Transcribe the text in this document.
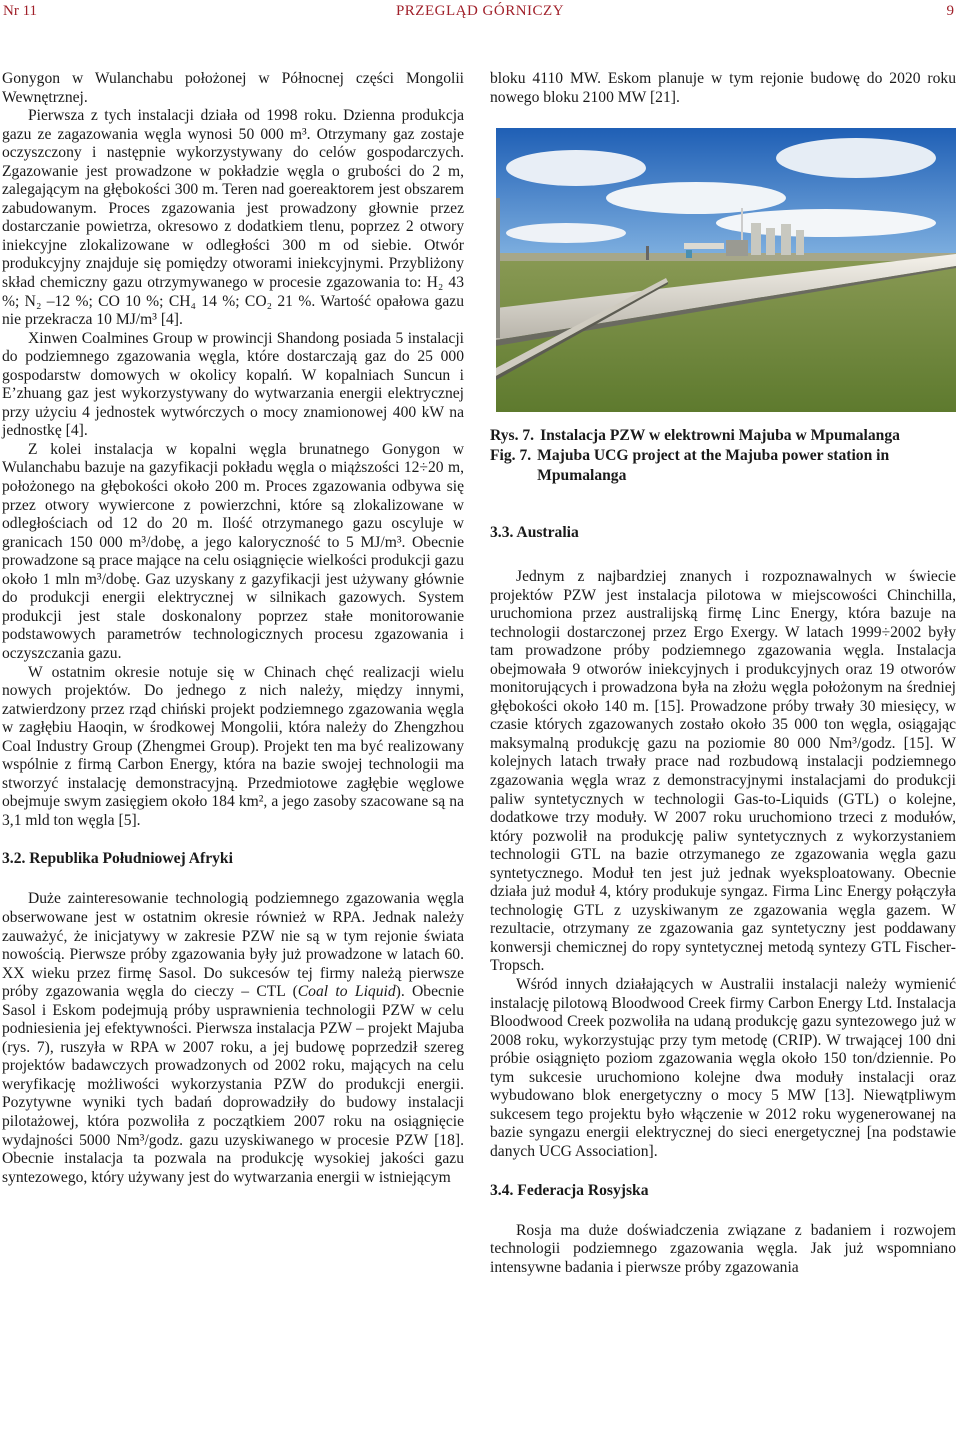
Nr 11	PRZEGLĄD GÓRNICZY	9

Gonygon w Wulanchabu położonej w Północnej części Mongolii Wewnętrznej.

Pierwsza z tych instalacji działa od 1998 roku. Dzienna produkcja gazu ze zagazowania węgla wynosi 50 000 m³. Otrzymany gaz zostaje oczyszczony i następnie wykorzystywany do celów gospodarczych. Zgazowanie jest prowadzone w pokładzie węgla o grubości do 2 m, zalegającym na głębokości 300 m. Teren nad goereaktorem jest obszarem zabudowanym. Proces zgazowania jest prowadzony głownie przez dostarczanie powietrza, okresowo z dodatkiem tlenu, poprzez 2 otwory iniekcyjne zlokalizowane w odległości 300 m od siebie. Otwór produkcyjny znajduje się pomiędzy otworami iniekcyjnymi. Przybliżony skład chemiczny gazu otrzymywanego w procesie zgazowania to: H₂ 43 %; N₂ –12 %; CO 10 %; CH₄ 14 %; CO₂ 21 %. Wartość opałowa gazu nie przekracza 10 MJ/m³ [4].

Xinwen Coalmines Group w prowincji Shandong posiada 5 instalacji do podziemnego zgazowania węgla, które dostarczają gaz do 25 000 gospodarstw domowych w okolicy kopalń. W kopalniach Suncun i E’zhuang gaz jest wykorzystywany do wytwarzania energii elektrycznej przy użyciu 4 jednostek wytwórczych o mocy znamionowej 400 kW na jednostkę [4].

Z kolei instalacja w kopalni węgla brunatnego Gonygon w Wulanchabu bazuje na gazyfikacji pokładu węgla o miąższości 12÷20 m, położonego na głębokości około 200 m. Proces zgazowania odbywa się przez otwory wywiercone z powierzchni, które są zlokalizowane w odległościach od 12 do 20 m. Ilość otrzymanego gazu oscyluje w granicach 150 000 m³/dobę, a jego kaloryczność to 5 MJ/m³. Obecnie prowadzone są prace mające na celu osiągnięcie wielkości produkcji gazu około 1 mln m³/dobę. Gaz uzyskany z gazyfikacji jest używany głównie do produkcji energii elektrycznej w silnikach gazowych. System produkcji jest stale doskonalony poprzez stałe monitorowanie podstawowych parametrów technologicznych procesu zgazowania i oczyszczania gazu.

W ostatnim okresie notuje się w Chinach chęć realizacji wielu nowych projektów. Do jednego z nich należy, między innymi, zatwierdzony przez rząd chiński projekt podziemnego zgazowania węgla w zagłębiu Haoqin, w środkowej Mongolii, która należy do Zhengzhou Coal Industry Group (Zhengmei Group). Projekt ten ma być realizowany wspólnie z firmą Carbon Energy, która na bazie swojej technologii ma stworzyć instalację demonstracyjną. Przedmiotowe zagłębie węglowe obejmuje swym zasięgiem około 184 km², a jego zasoby szacowane są na 3,1 mld ton węgla [5].

3.2. Republika Południowej Afryki

Duże zainteresowanie technologią podziemnego zgazowania węgla obserwowane jest w ostatnim okresie również w RPA. Jednak należy zauważyć, że inicjatywy w zakresie PZW nie są w tym rejonie świata nowością. Pierwsze próby zgazowania były już prowadzone w latach 60. XX wieku przez firmę Sasol. Do sukcesów tej firmy należą pierwsze próby zgazowania węgla do cieczy – CTL (Coal to Liquid). Obecnie Sasol i Eskom podejmują próby usprawnienia technologii PZW w celu podniesienia jej efektywności. Pierwsza instalacja PZW – projekt Majuba (rys. 7), ruszyła w RPA w 2007 roku, a jej budowę poprzedził szereg projektów badawczych prowadzonych od 2002 roku, mających na celu weryfikację możliwości wykorzystania PZW do produkcji energii. Pozytywne wyniki tych badań doprowadziły do budowy instalacji pilotażowej, która pozwoliła z początkiem 2007 roku na osiągnięcie wydajności 5000 Nm³/godz. gazu uzyskiwanego w procesie PZW [18]. Obecnie instalacja ta pozwala na produkcję wysokiej jakości gazu syntezowego, który używany jest do wytwarzania energii w istniejącym

bloku 4110 MW. Eskom planuje w tym rejonie budowę do 2020 roku nowego bloku 2100 MW [21].

Rys. 7. Instalacja PZW w elektrowni Majuba w Mpumalanga
Fig. 7. Majuba UCG project at the Majuba power station in Mpumalanga
3.3. Australia

Jednym z najbardziej znanych i rozpoznawalnych w świecie projektów PZW jest instalacja pilotowa w miejscowości Chinchilla, uruchomiona przez australijską firmę Linc Energy, która bazuje na technologii dostarczonej przez Ergo Exergy. W latach 1999÷2002 były tam prowadzone próby podziemnego zgazowania węgla. Instalacja obejmowała 9 otworów iniekcyjnych i produkcyjnych oraz 19 otworów monitorujących i prowadzona była na złożu węgla położonym na średniej głębokości około 140 m. [15]. Prowadzone próby trwały 30 miesięcy, w czasie których zgazowanych zostało około 35 000 ton węgla, osiągając maksymalną produkcję gazu na poziomie 80 000 Nm³/godz. [15]. W kolejnych latach trwały prace nad rozbudową instalacji podziemnego zgazowania węgla wraz z demonstracyjnymi instalacjami do produkcji paliw syntetycznych w technologii Gas-to-Liquids (GTL) o kolejne, dodatkowe trzy moduły. W 2007 roku uruchomiono trzeci z modułów, który pozwolił na produkcję paliw syntetycznych z wykorzystaniem technologii GTL na bazie otrzymanego ze zgazowania węgla gazu syntetycznego. Moduł ten jest już jednak wyeksploatowany. Obecnie działa już moduł 4, który produkuje syngaz. Firma Linc Energy połączyła technologię GTL z uzyskiwanym ze zgazowania węgla gazem. W rezultacie, otrzymany ze zgazowania gaz syntetyczny jest poddawany konwersji chemicznej do ropy syntetycznej metodą syntezy GTL Fischer-Tropsch.

Wśród innych działających w Australii instalacji należy wymienić instalację pilotową Bloodwood Creek firmy Carbon Energy Ltd. Instalacja Bloodwood Creek pozwoliła na udaną produkcję gazu syntezowego już w 2008 roku, wykorzystując przy tym metodę (CRIP). W trwającej 100 dni próbie osiągnięto poziom zgazowania węgla około 150 ton/dziennie. Po tym sukcesie uruchomiono kolejne dwa moduły instalacji oraz wybudowano blok energetyczny o mocy 5 MW [13]. Niewątpliwym sukcesem tego projektu było włączenie w 2012 roku wygenerowanej na bazie syngazu energii elektrycznej do sieci energetycznej [na podstawie danych UCG Association].

3.4. Federacja Rosyjska

Rosja ma duże doświadczenia związane z badaniem i rozwojem technologii podziemnego zgazowania węgla. Jak już wspomniano intensywne badania i pierwsze próby zgazowania
